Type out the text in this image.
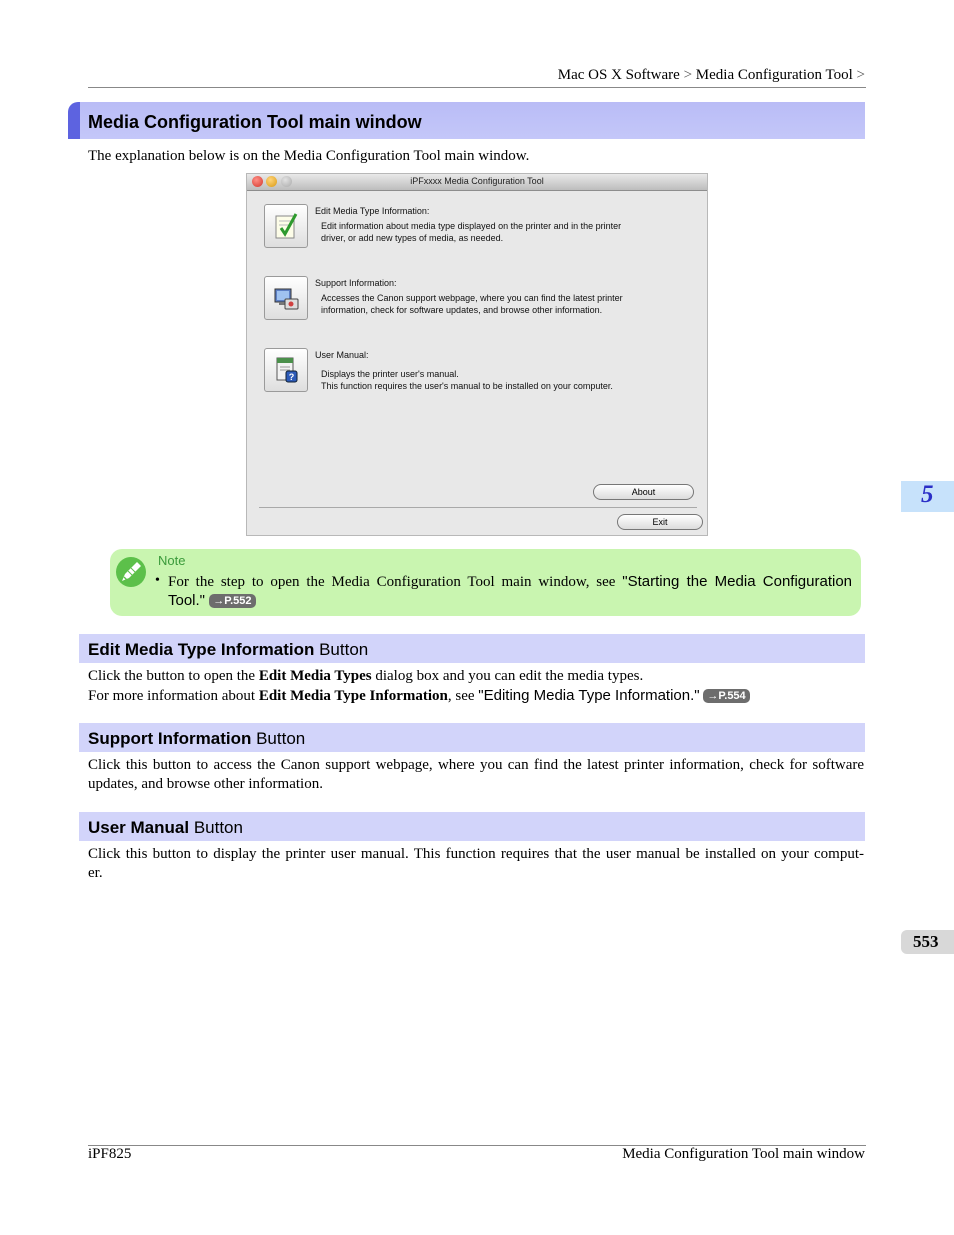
Mac OS X Software > Media Configuration Tool >
Media Configuration Tool main window
The explanation below is on the Media Configuration Tool main window.
iPFxxxx Media Configuration Tool
Edit Media Type Information:
Edit information about media type displayed on the printer and in the printer
driver, or add new types of media, as needed.
Support Information:
Accesses the Canon support webpage, where you can find the latest printer
information, check for software updates, and browse other information.
?
User Manual:
Displays the printer user's manual.
This function requires the user's manual to be installed on your computer.
About
Exit
Note
• For the step to open the Media Configuration Tool main window, see "Starting the Media Configuration
Tool." →P.552
Edit Media Type Information Button
Click the button to open the Edit Media Types dialog box and you can edit the media types.
For more information about Edit Media Type Information, see "Editing Media Type Information." →P.554
Support Information Button
Click this button to access the Canon support webpage, where you can find the latest printer information, check for software
updates, and browse other information.
User Manual Button
Click this button to display the printer user manual. This function requires that the user manual be installed on your comput-
er.
5
553
iPF825	Media Configuration Tool main window
